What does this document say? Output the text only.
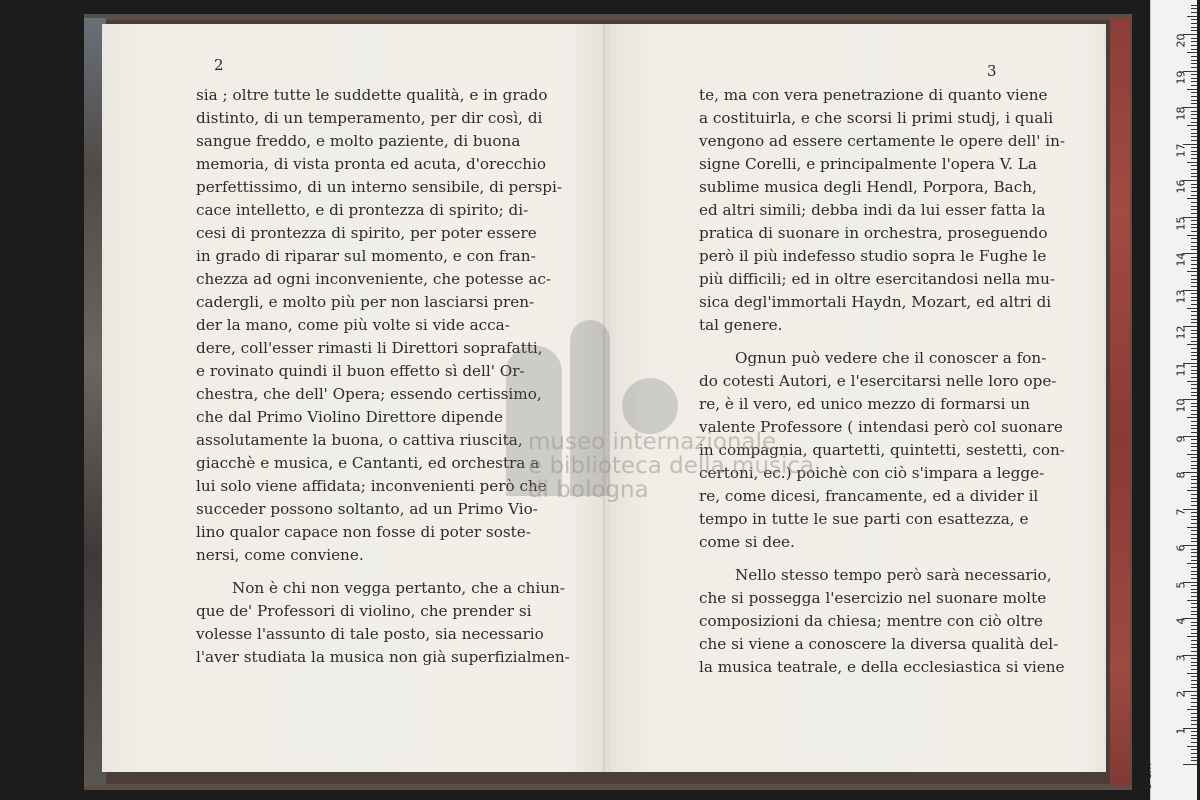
2
sia ; oltre tutte le suddette qualità, e in grado
distinto, di un temperamento, per dir così, di
sangue freddo, e molto paziente, di buona
memoria, di vista pronta ed acuta, d'orecchio
perfettissimo, di un interno sensibile, di perspi-
cace intelletto, e di prontezza di spirito; di-
cesi di prontezza di spirito, per poter essere
in grado di riparar sul momento, e con fran-
chezza ad ogni inconveniente, che potesse ac-
cadergli, e molto più per non lasciarsi pren-
der la mano, come più volte si vide acca-
dere, coll'esser rimasti li Direttori soprafatti,
e rovinato quindi il buon effetto sì dell' Or-
chestra, che dell' Opera; essendo certissimo,
che dal Primo Violino Direttore dipende
assolutamente la buona, o cattiva riuscita,
giacchè e musica, e Cantanti, ed orchestra a
lui solo viene affidata; inconvenienti però che
succeder possono soltanto, ad un Primo Vio-
lino qualor capace non fosse di poter soste-
nersi, come conviene.
Non è chi non vegga pertanto, che a chiun-
que de' Professori di violino, che prender si
volesse l'assunto di tale posto, sia necessario
l'aver studiata la musica non già superfizialmen-
3
te, ma con vera penetrazione di quanto viene
a costituirla, e che scorsi li primi studj, i quali
vengono ad essere certamente le opere dell' in-
signe Corelli, e principalmente l'opera V. La
sublime musica degli Hendl, Porpora, Bach,
ed altri simili; debba indi da lui esser fatta la
pratica di suonare in orchestra, proseguendo
però il più indefesso studio sopra le Fughe le
più difficili; ed in oltre esercitandosi nella mu-
sica degl'immortali Haydn, Mozart, ed altri di
tal genere.
Ognun può vedere che il conoscer a fon-
do cotesti Autori, e l'esercitarsi nelle loro ope-
re, è il vero, ed unico mezzo di formarsi un
valente Professore ( intendasi però col suonare
in compagnia, quartetti, quintetti, sestetti, con-
certoni, ec.) poichè con ciò s'impara a legge-
re, come dicesi, francamente, ed a divider il
tempo in tutte le sue parti con esattezza, e
come si dee.
Nello stesso tempo però sarà necessario,
che si possegga l'esercizio nel suonare molte
composizioni da chiesa; mentre con ciò oltre
che si viene a conoscere la diversa qualità del-
la musica teatrale, e della ecclesiastica si viene
museo internazionale
e biblioteca della musica
di bologna
0 cm
1
2
3
4
5
6
7
8
9
10
11
12
13
14
15
16
17
18
19
20
